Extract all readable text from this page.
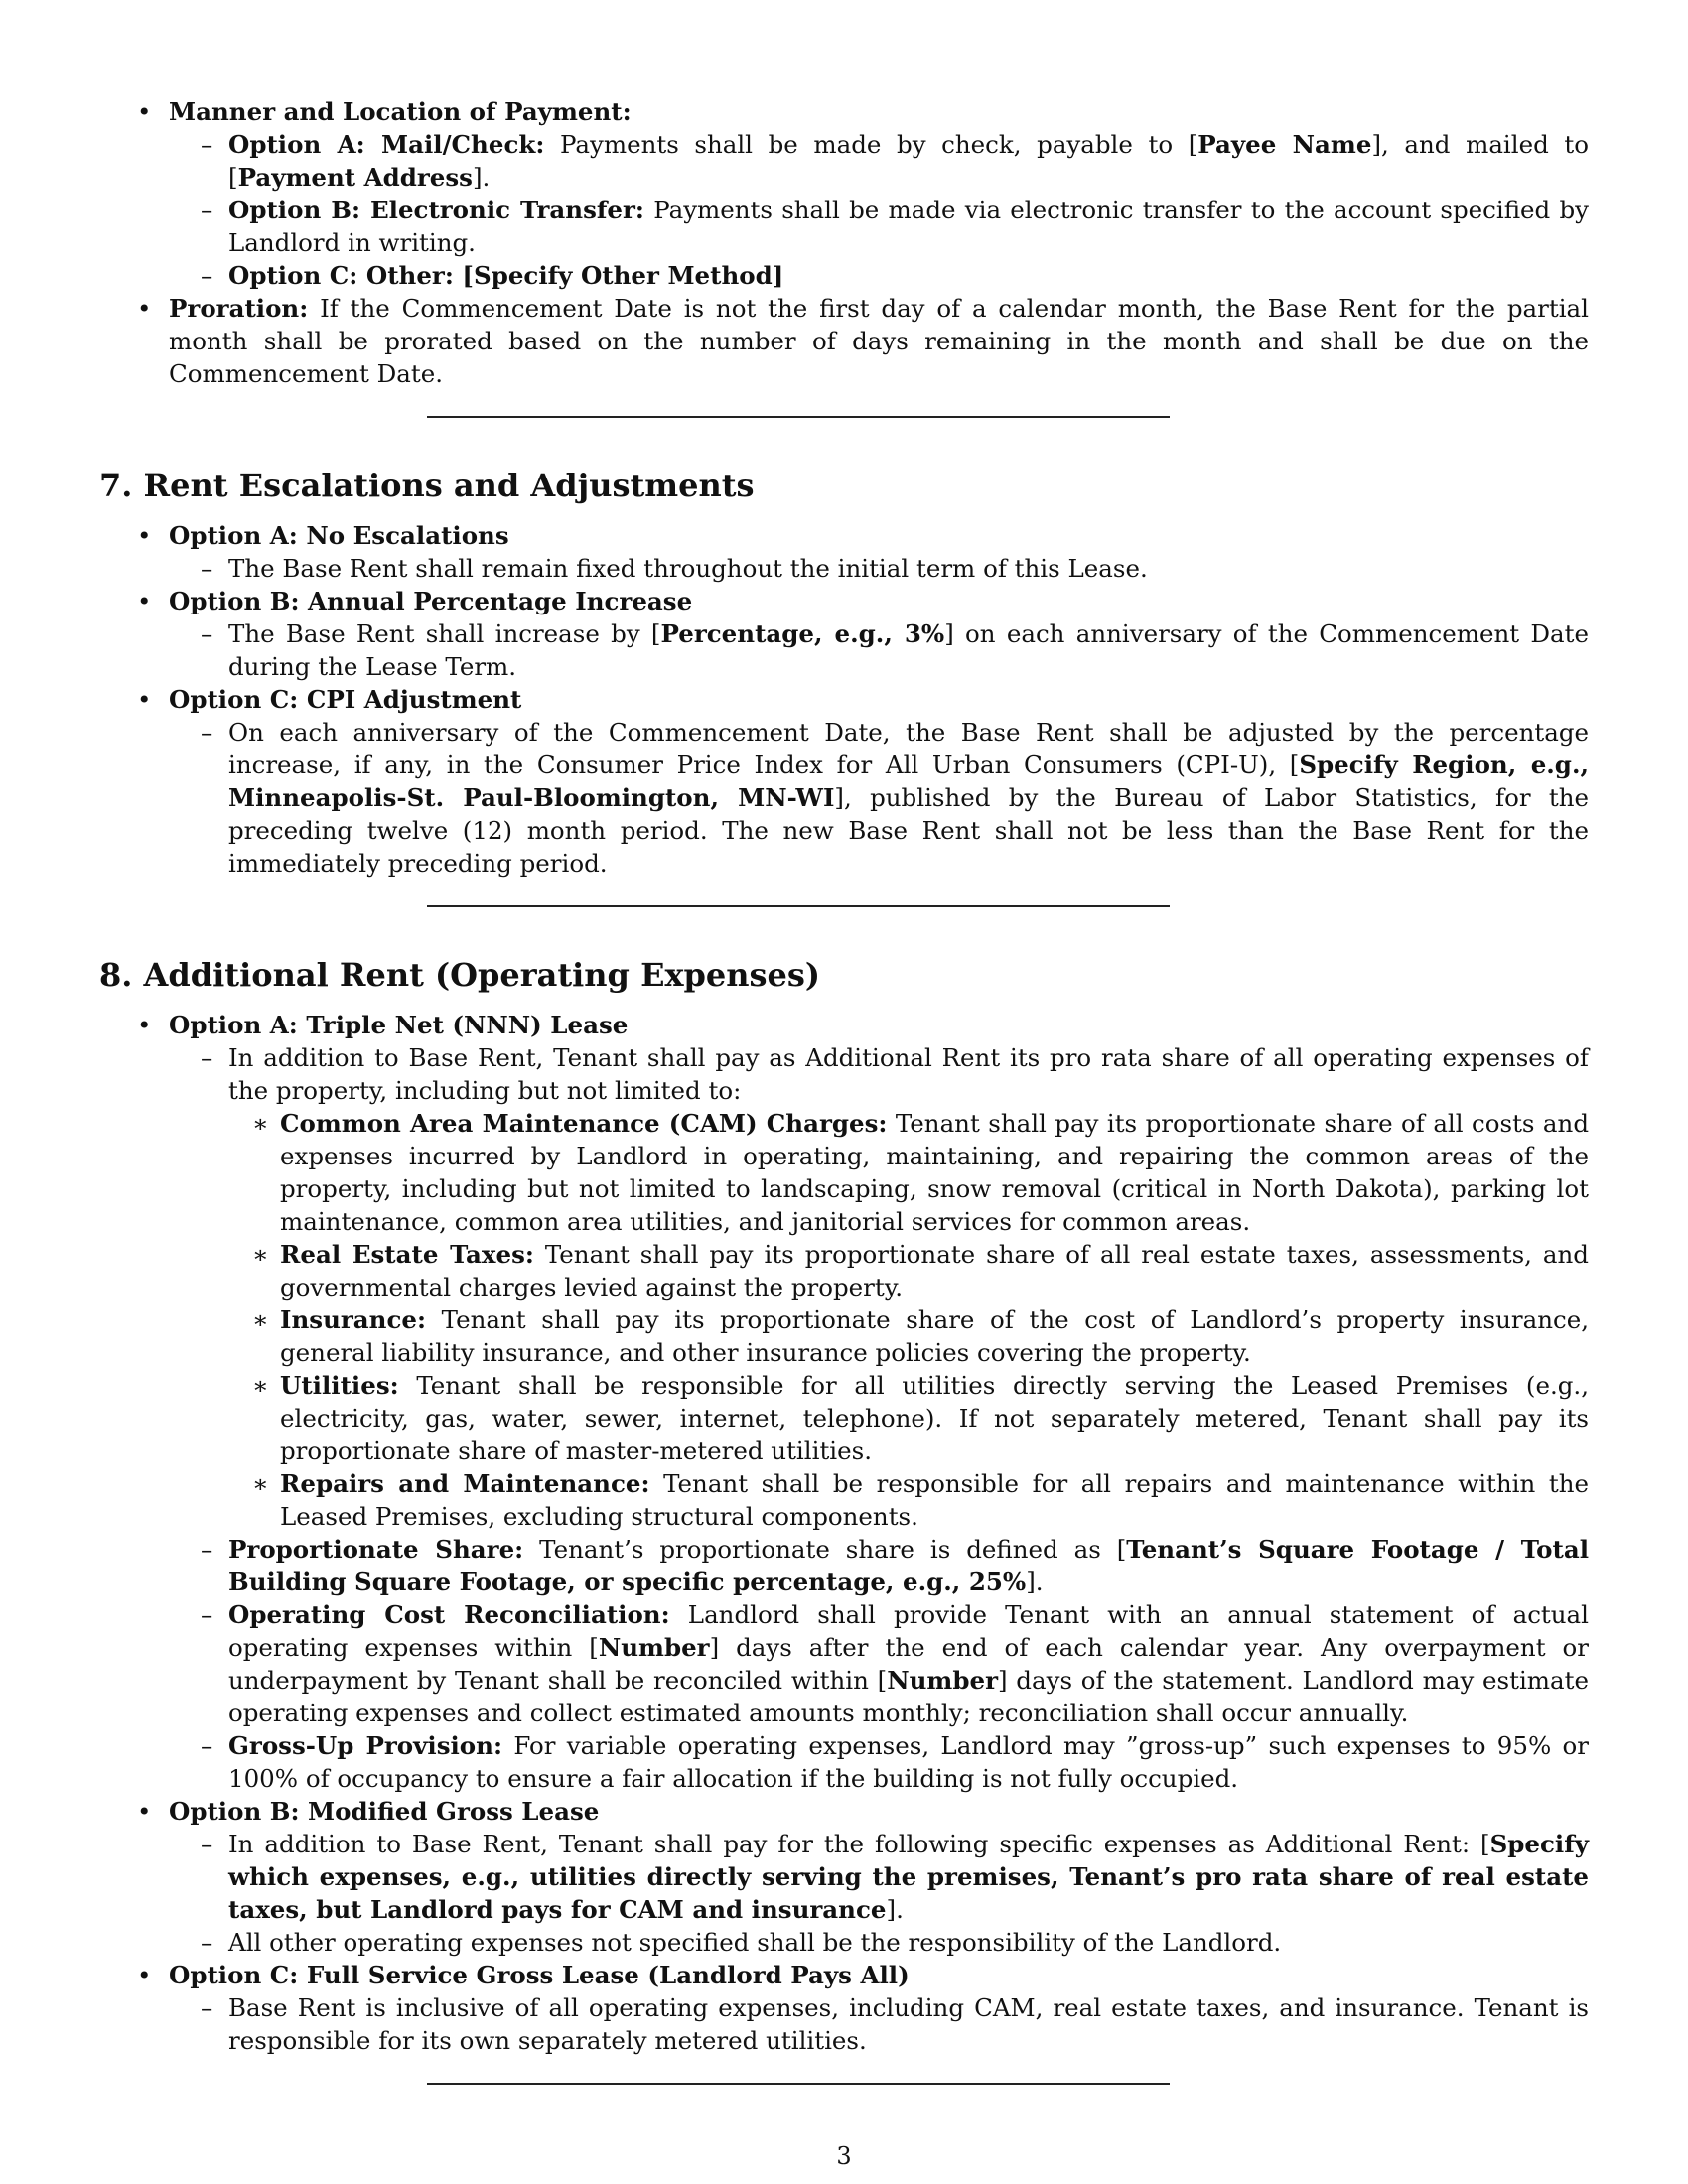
• Manner and Location of Payment:

– Option A: Mail/Check: Payments shall be made by check, payable to [Payee Name], and mailed to [Payment Address].

– Option B: Electronic Transfer: Payments shall be made via electronic transfer to the account specified by Landlord in writing.

– Option C: Other: [Specify Other Method]

• Proration: If the Commencement Date is not the first day of a calendar month, the Base Rent for the partial month shall be prorated based on the number of days remaining in the month and shall be due on the Commencement Date.

7. Rent Escalations and Adjustments
• Option A: No Escalations

– The Base Rent shall remain fixed throughout the initial term of this Lease.

• Option B: Annual Percentage Increase

– The Base Rent shall increase by [Percentage, e.g., 3%] on each anniversary of the Commencement Date during the Lease Term.

• Option C: CPI Adjustment

– On each anniversary of the Commencement Date, the Base Rent shall be adjusted by the percentage increase, if any, in the Consumer Price Index for All Urban Consumers (CPI-U), [Specify Region, e.g., Minneapolis-St. Paul-Bloomington, MN-WI], published by the Bureau of Labor Statistics, for the preceding twelve (12) month period. The new Base Rent shall not be less than the Base Rent for the immediately preceding period.

8. Additional Rent (Operating Expenses)
• Option A: Triple Net (NNN) Lease

– In addition to Base Rent, Tenant shall pay as Additional Rent its pro rata share of all operating expenses of the property, including but not limited to:

∗ Common Area Maintenance (CAM) Charges: Tenant shall pay its proportionate share of all costs and expenses incurred by Landlord in operating, maintaining, and repairing the common areas of the property, including but not limited to landscaping, snow removal (critical in North Dakota), parking lot maintenance, common area utilities, and janitorial services for common areas.

∗ Real Estate Taxes: Tenant shall pay its proportionate share of all real estate taxes, assessments, and governmental charges levied against the property.

∗ Insurance: Tenant shall pay its proportionate share of the cost of Landlord’s property insurance, general liability insurance, and other insurance policies covering the property.

∗ Utilities: Tenant shall be responsible for all utilities directly serving the Leased Premises (e.g., electricity, gas, water, sewer, internet, telephone). If not separately metered, Tenant shall pay its proportionate share of master-metered utilities.

∗ Repairs and Maintenance: Tenant shall be responsible for all repairs and maintenance within the Leased Premises, excluding structural components.

– Proportionate Share: Tenant’s proportionate share is defined as [Tenant’s Square Footage / Total Building Square Footage, or specific percentage, e.g., 25%].

– Operating Cost Reconciliation: Landlord shall provide Tenant with an annual statement of actual operating expenses within [Number] days after the end of each calendar year. Any overpayment or underpayment by Tenant shall be reconciled within [Number] days of the statement. Landlord may estimate operating expenses and collect estimated amounts monthly; reconciliation shall occur annually.

– Gross-Up Provision: For variable operating expenses, Landlord may ”gross-up” such expenses to 95% or 100% of occupancy to ensure a fair allocation if the building is not fully occupied.

• Option B: Modified Gross Lease

– In addition to Base Rent, Tenant shall pay for the following specific expenses as Additional Rent: [Specify which expenses, e.g., utilities directly serving the premises, Tenant’s pro rata share of real estate taxes, but Landlord pays for CAM and insurance].

– All other operating expenses not specified shall be the responsibility of the Landlord.

• Option C: Full Service Gross Lease (Landlord Pays All)

– Base Rent is inclusive of all operating expenses, including CAM, real estate taxes, and insurance. Tenant is responsible for its own separately metered utilities.

3
